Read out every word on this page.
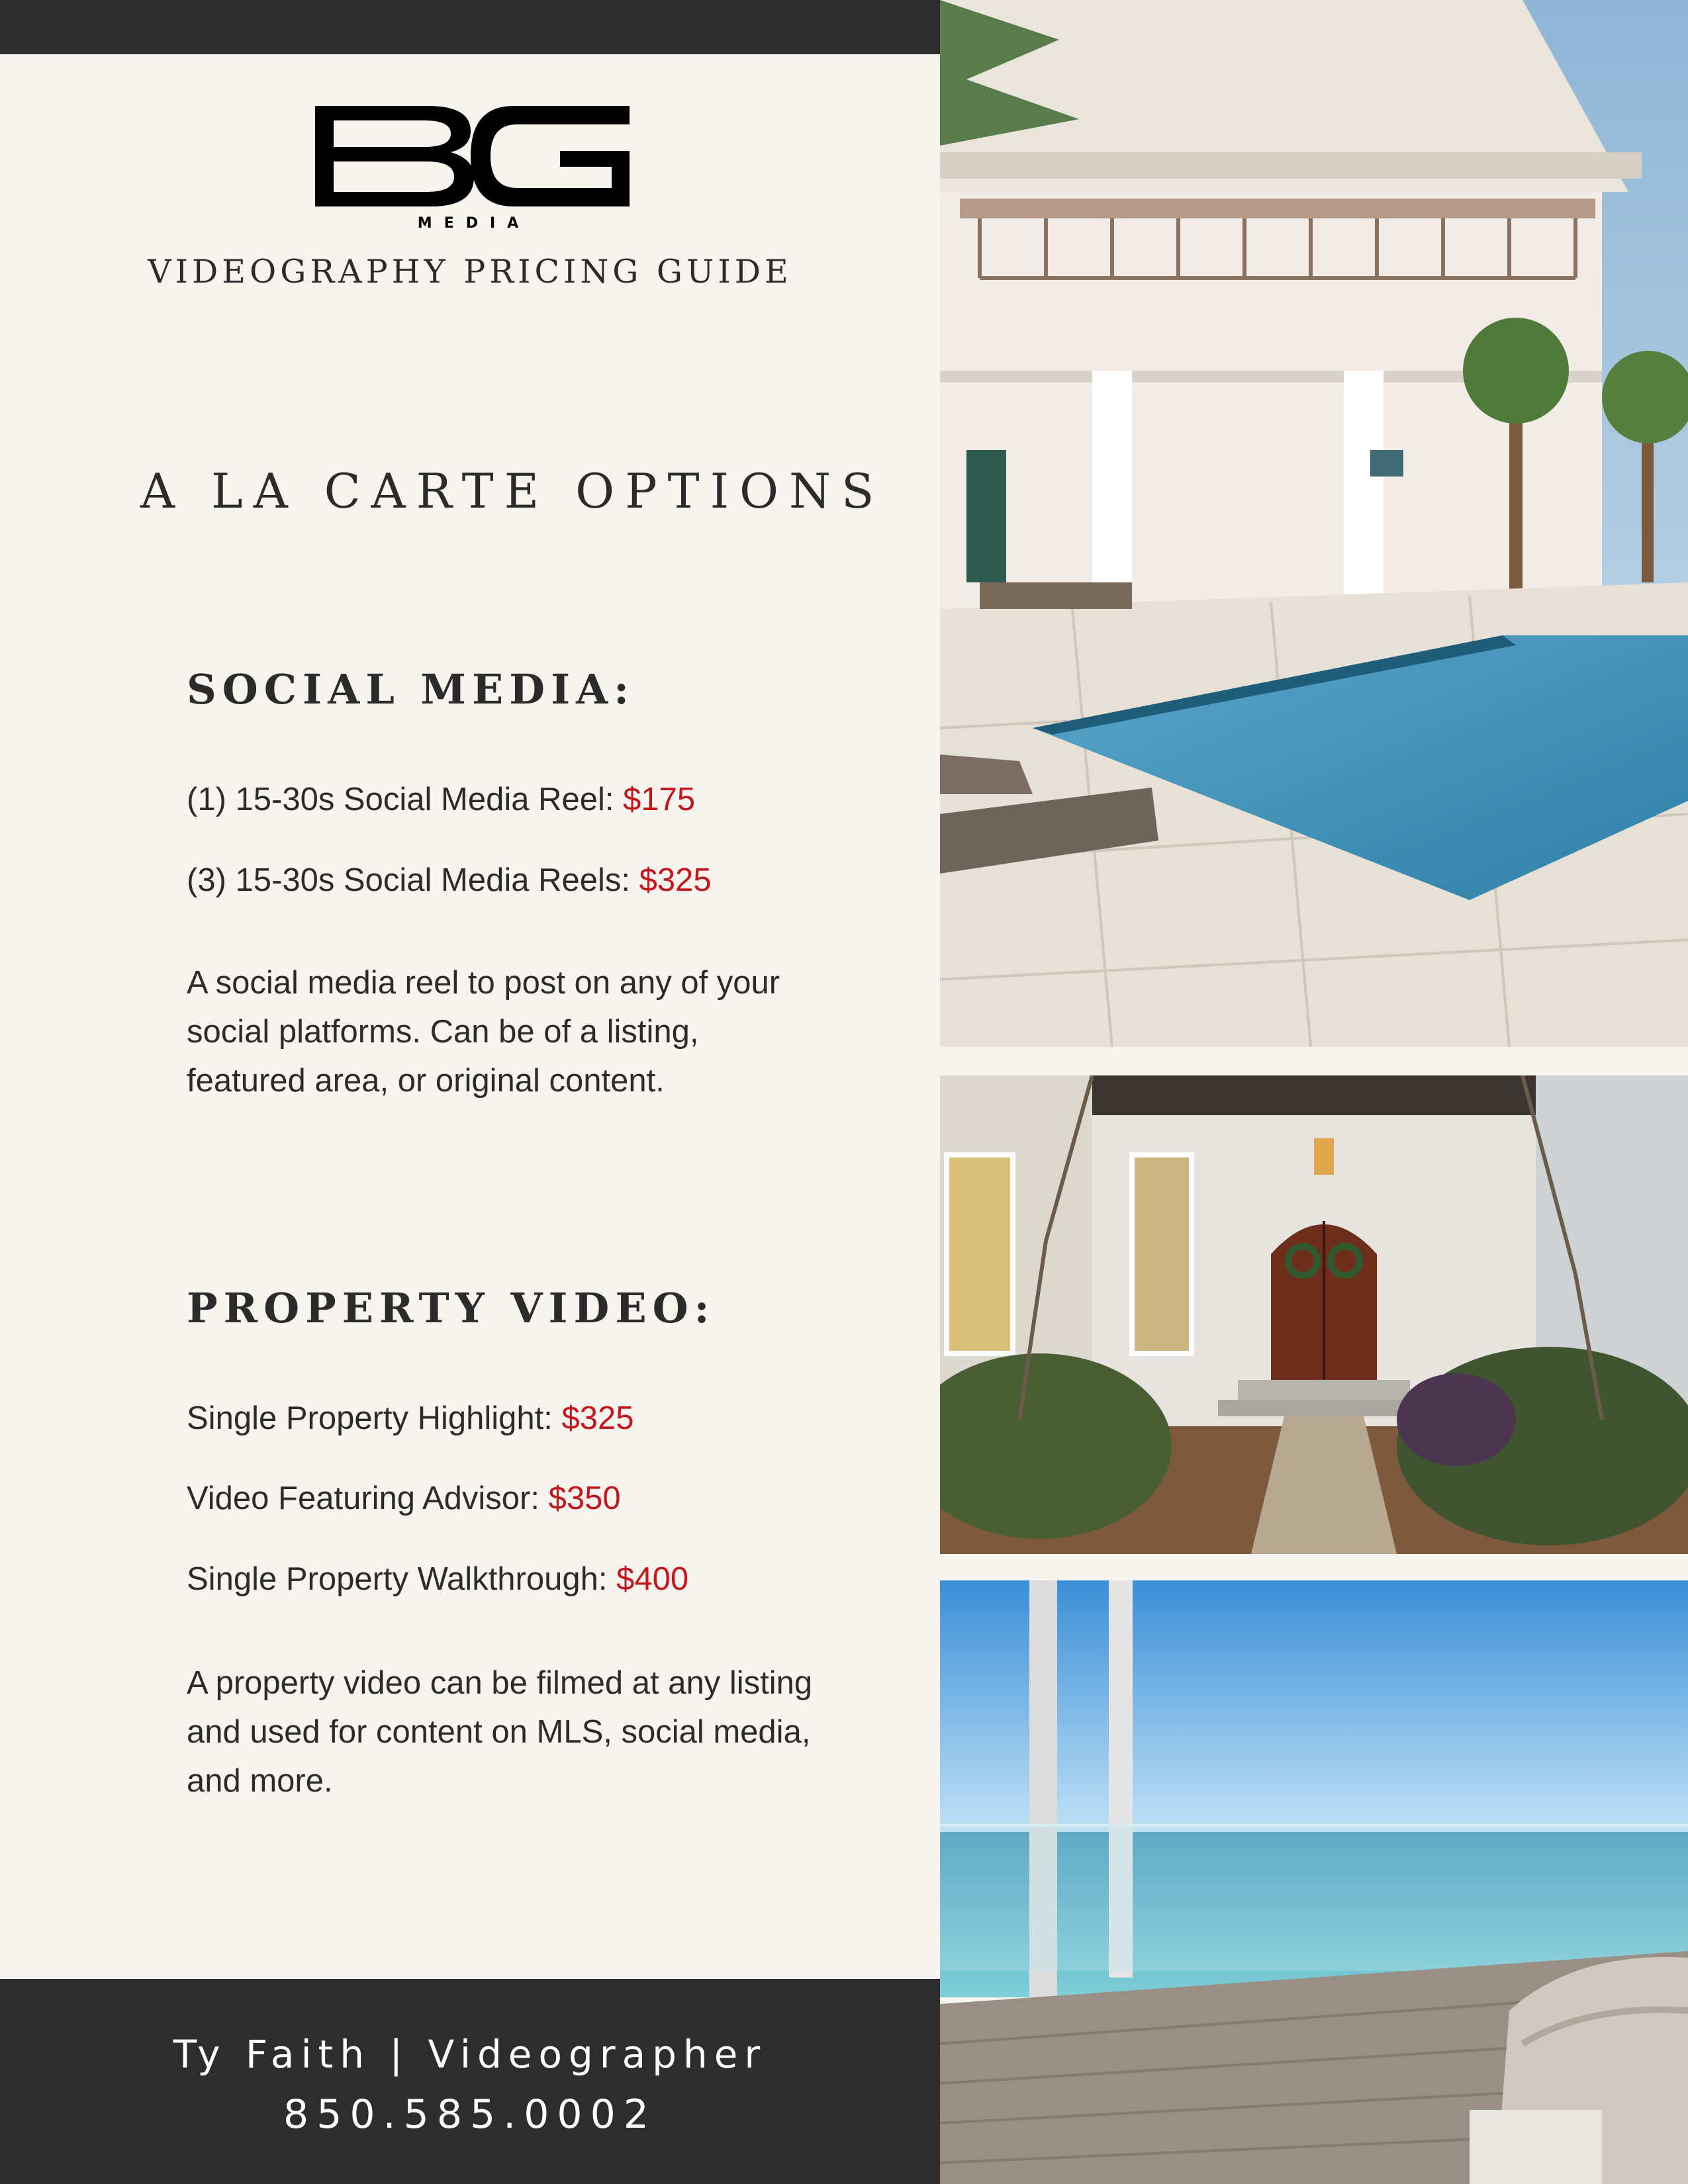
MEDIA
VIDEOGRAPHY PRICING GUIDE
A LA CARTE OPTIONS
SOCIAL MEDIA:
(1) 15-30s Social Media Reel: $175
(3) 15-30s Social Media Reels: $325
A social media reel to post on any of your social platforms. Can be of a listing, featured area, or original content.
PROPERTY VIDEO:
Single Property Highlight: $325
Video Featuring Advisor: $350
Single Property Walkthrough: $400
A property video can be filmed at any listing and used for content on MLS, social media, and more.
Ty Faith | Videographer
850.585.0002
